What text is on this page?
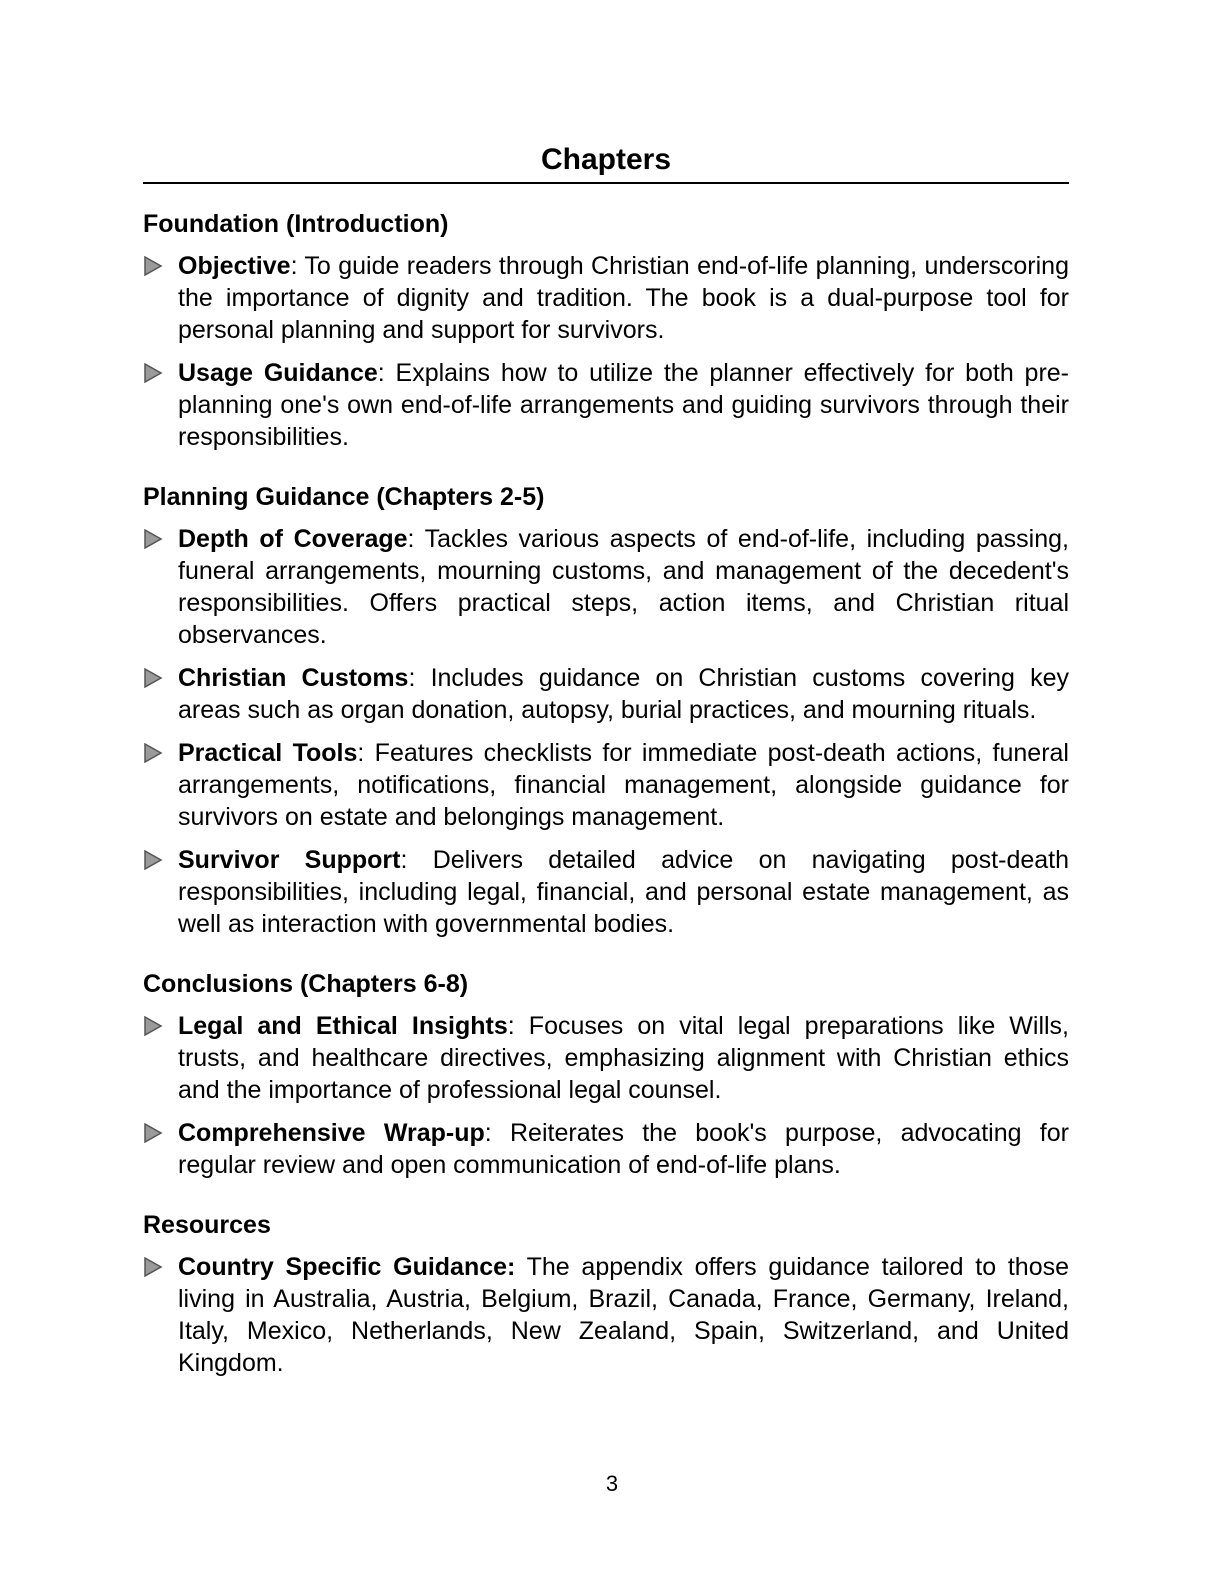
Chapters
Foundation (Introduction)
Objective: To guide readers through Christian end-of-life planning, underscoring the importance of dignity and tradition. The book is a dual-purpose tool for personal planning and support for survivors.
Usage Guidance: Explains how to utilize the planner effectively for both pre-planning one's own end-of-life arrangements and guiding survivors through their responsibilities.
Planning Guidance (Chapters 2-5)
Depth of Coverage: Tackles various aspects of end-of-life, including passing, funeral arrangements, mourning customs, and management of the decedent's responsibilities. Offers practical steps, action items, and Christian ritual observances.
Christian Customs: Includes guidance on Christian customs covering key areas such as organ donation, autopsy, burial practices, and mourning rituals.
Practical Tools: Features checklists for immediate post-death actions, funeral arrangements, notifications, financial management, alongside guidance for survivors on estate and belongings management.
Survivor Support: Delivers detailed advice on navigating post-death responsibilities, including legal, financial, and personal estate management, as well as interaction with governmental bodies.
Conclusions (Chapters 6-8)
Legal and Ethical Insights: Focuses on vital legal preparations like Wills, trusts, and healthcare directives, emphasizing alignment with Christian ethics and the importance of professional legal counsel.
Comprehensive Wrap-up: Reiterates the book's purpose, advocating for regular review and open communication of end-of-life plans.
Resources
Country Specific Guidance: The appendix offers guidance tailored to those living in Australia, Austria, Belgium, Brazil, Canada, France, Germany, Ireland, Italy, Mexico, Netherlands, New Zealand, Spain, Switzerland, and United Kingdom.
3
